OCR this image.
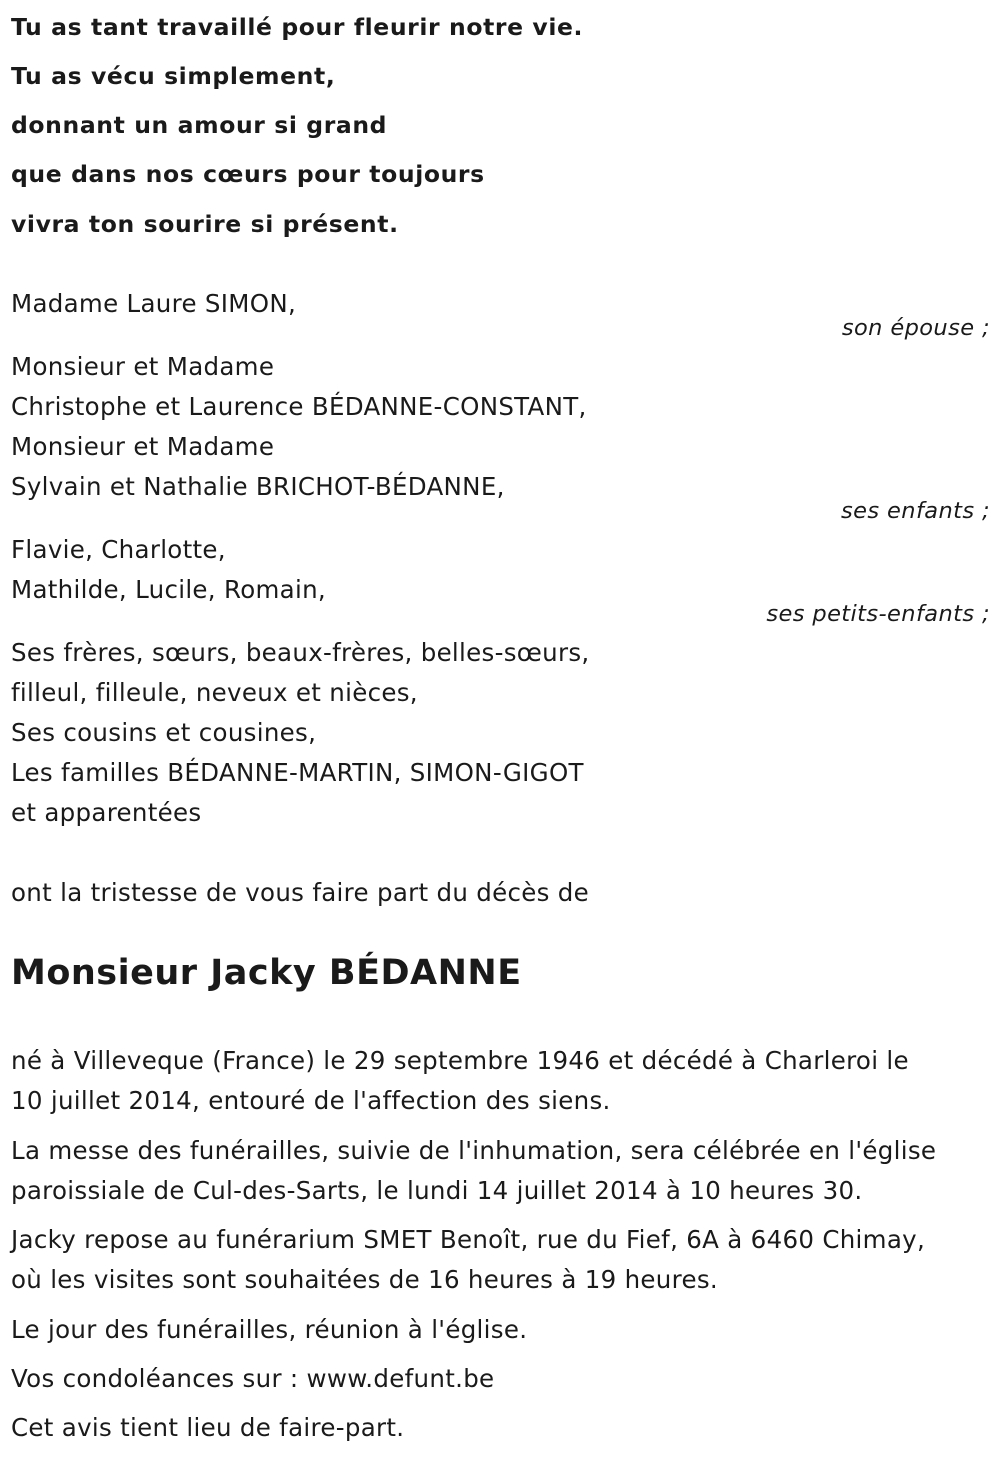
Tu as tant travaillé pour fleurir notre vie.
Tu as vécu simplement,
donnant un amour si grand
que dans nos cœurs pour toujours
vivra ton sourire si présent.
Madame Laure SIMON,
son épouse ;
Monsieur et Madame
Christophe et Laurence BÉDANNE-CONSTANT,
Monsieur et Madame
Sylvain et Nathalie BRICHOT-BÉDANNE,
ses enfants ;
Flavie, Charlotte,
Mathilde, Lucile, Romain,
ses petits-enfants ;
Ses frères, sœurs, beaux-frères, belles-sœurs,
filleul, filleule, neveux et nièces,
Ses cousins et cousines,
Les familles BÉDANNE-MARTIN, SIMON-GIGOT
et apparentées
ont la tristesse de vous faire part du décès de
Monsieur Jacky BÉDANNE
né à Villeveque (France) le 29 septembre 1946 et décédé à Charleroi le
10 juillet 2014, entouré de l'affection des siens.
La messe des funérailles, suivie de l'inhumation, sera célébrée en l'église
paroissiale de Cul-des-Sarts, le lundi 14 juillet 2014 à 10 heures 30.
Jacky repose au funérarium SMET Benoît, rue du Fief, 6A à 6460 Chimay,
où les visites sont souhaitées de 16 heures à 19 heures.
Le jour des funérailles, réunion à l'église.
Vos condoléances sur : www.defunt.be
Cet avis tient lieu de faire-part.
